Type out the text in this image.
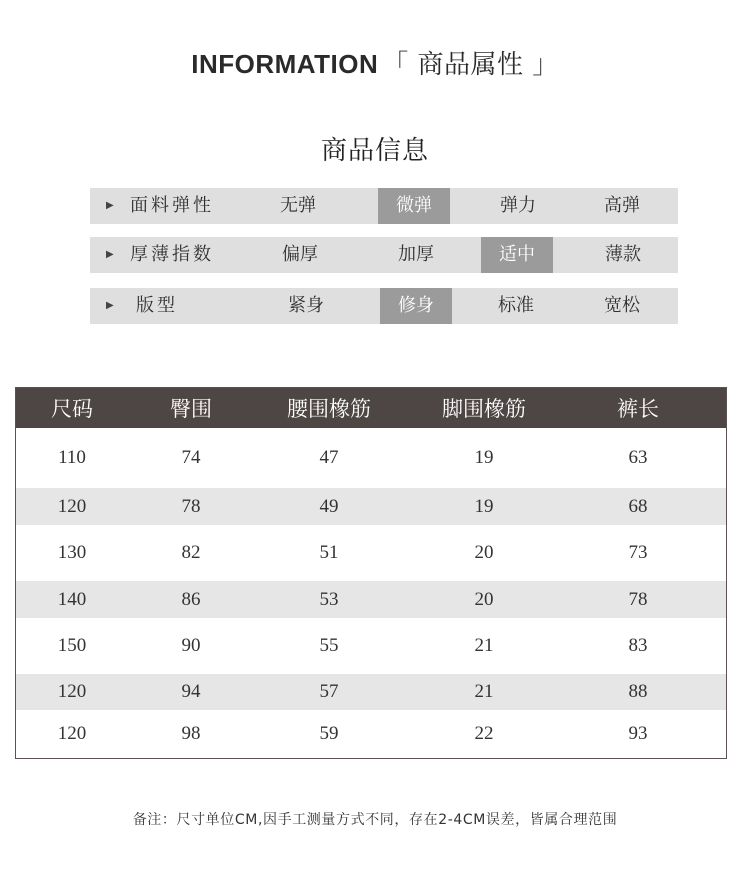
INFORMATION 「 商品属性 」
商品信息
▶ 面料弹性	无弹	微弹	弹力	高弹
▶ 厚薄指数	偏厚	加厚	适中	薄款
▶ 版型	紧身	修身	标准	宽松
尺码	臀围	腰围橡筋	脚围橡筋	裤长
110	74	47	19	63
120	78	49	19	68
130	82	51	20	73
140	86	53	20	78
150	90	55	21	83
120	94	57	21	88
120	98	59	22	93
备注：尺寸单位CM,因手工测量方式不同，存在2-4CM误差，皆属合理范围
